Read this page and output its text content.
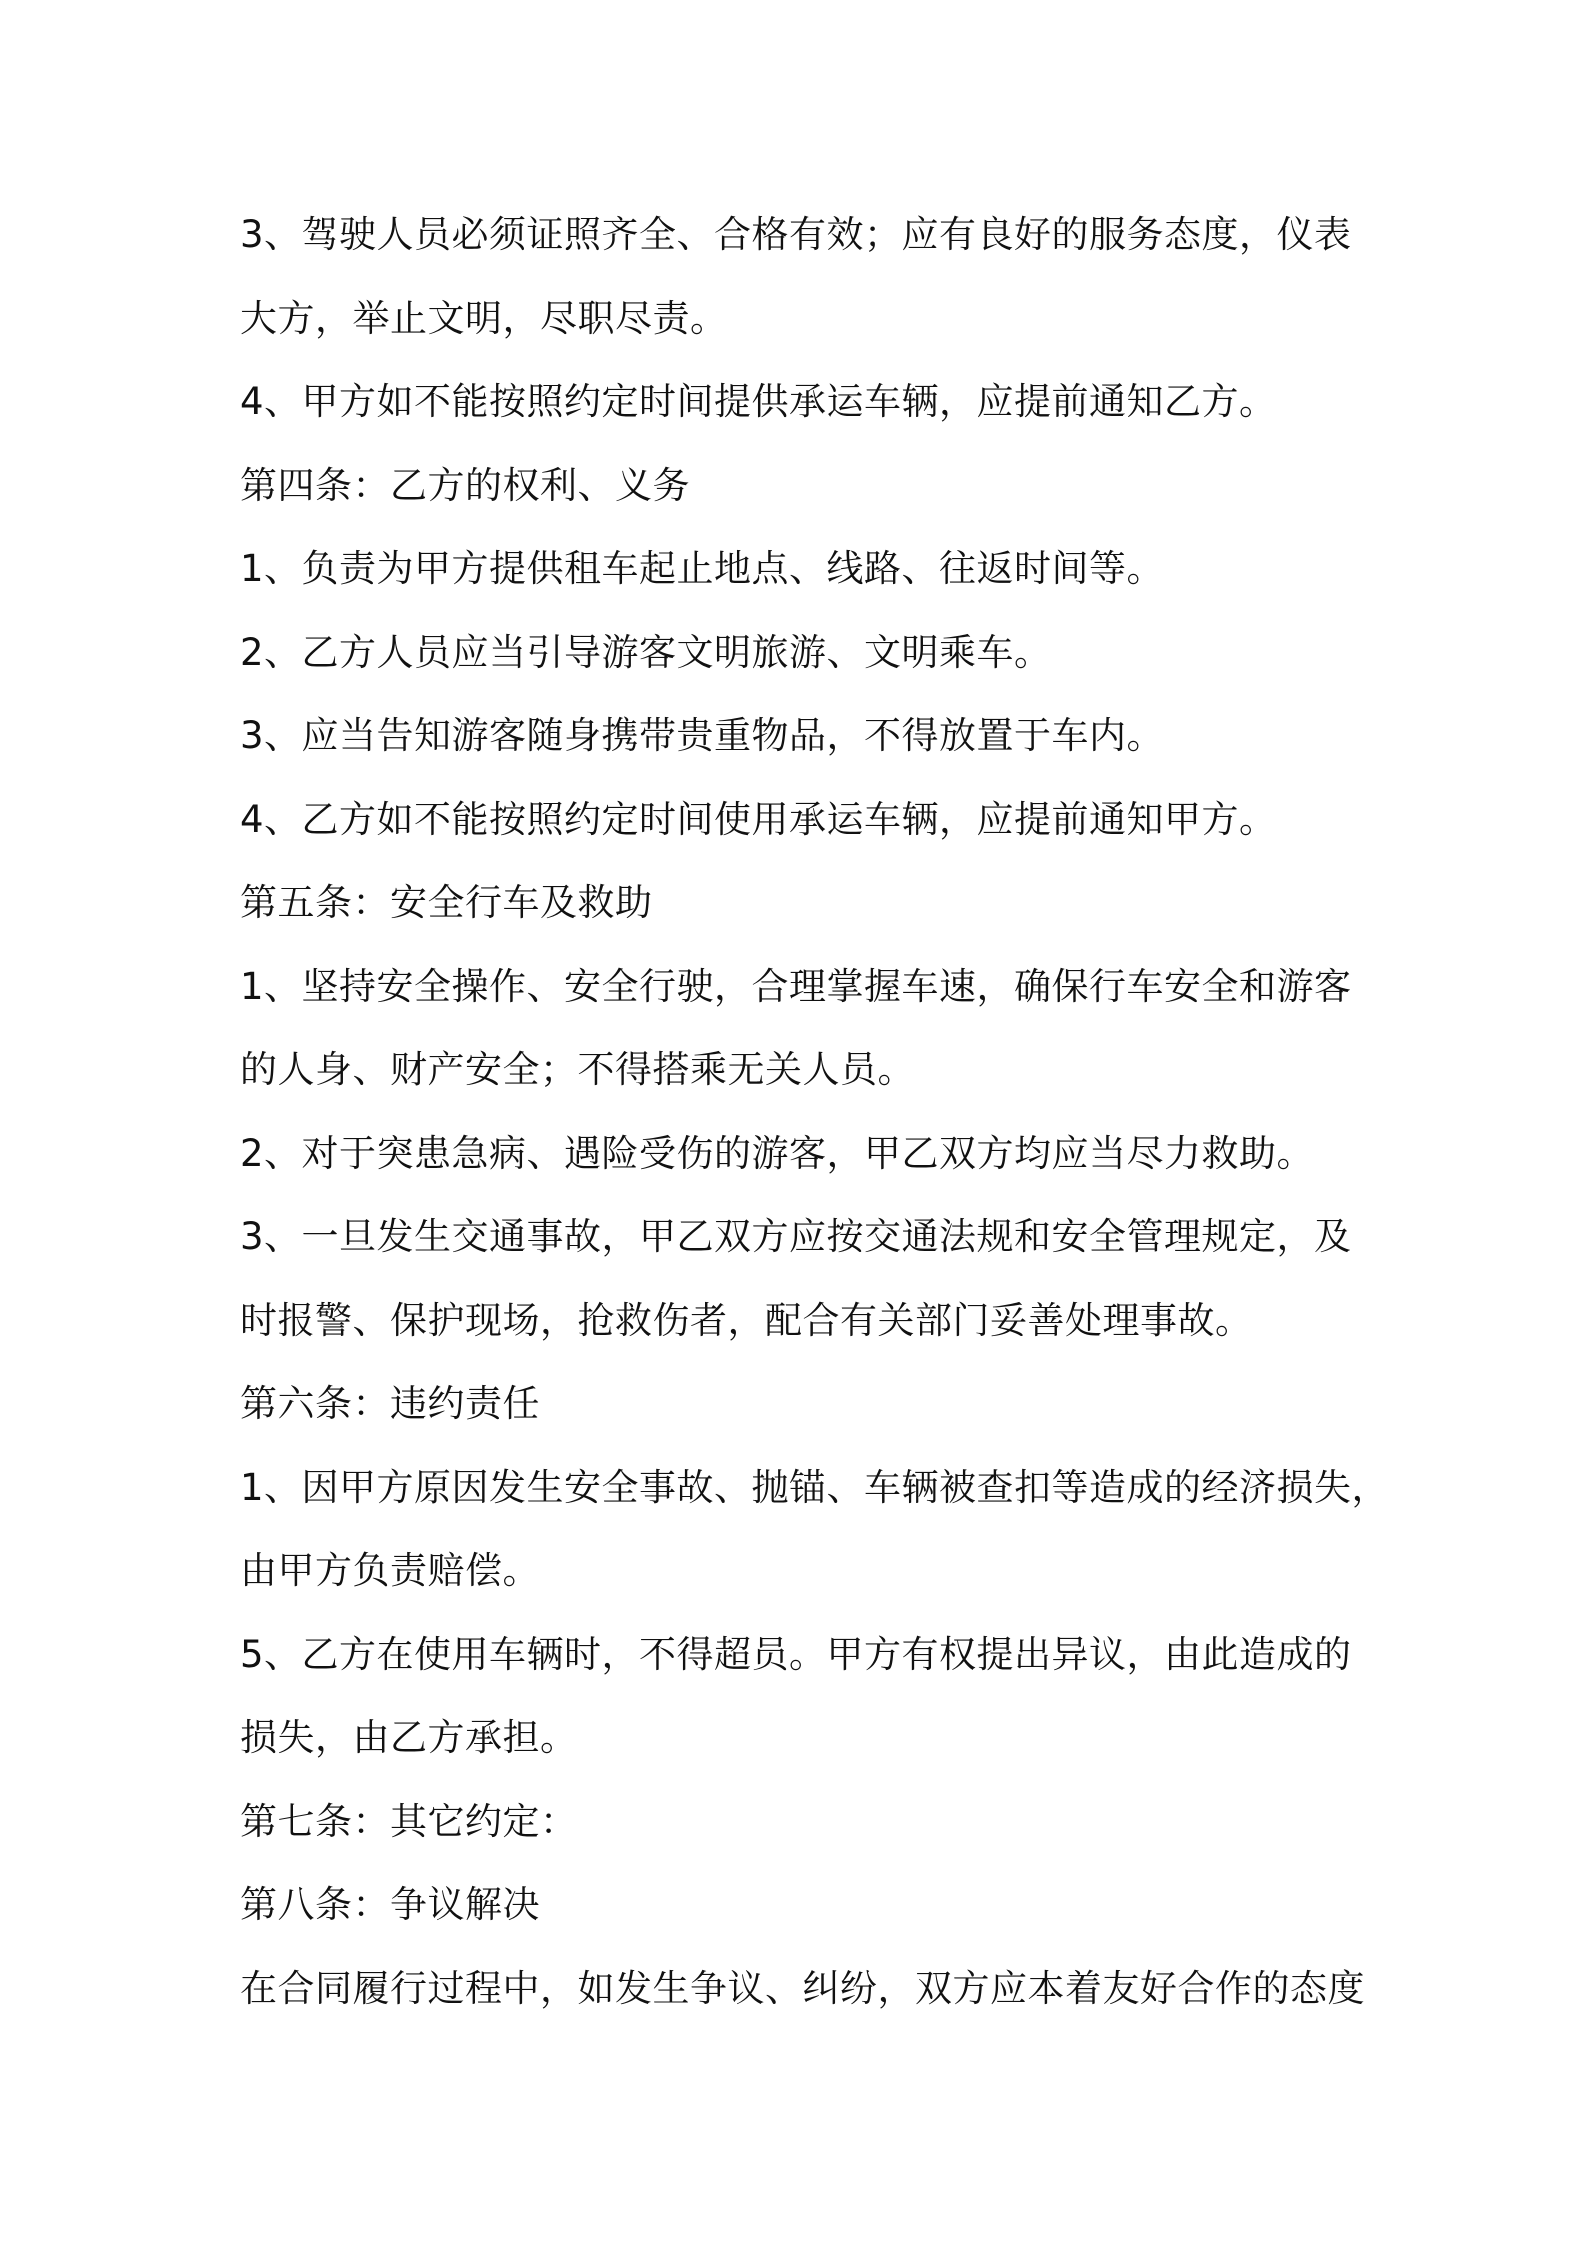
3、驾驶人员必须证照齐全、合格有效；应有良好的服务态度，仪表
大方，举止文明，尽职尽责。
4、甲方如不能按照约定时间提供承运车辆，应提前通知乙方。
第四条：乙方的权利、义务
1、负责为甲方提供租车起止地点、线路、往返时间等。
2、乙方人员应当引导游客文明旅游、文明乘车。
3、应当告知游客随身携带贵重物品，不得放置于车内。
4、乙方如不能按照约定时间使用承运车辆，应提前通知甲方。
第五条：安全行车及救助
1、坚持安全操作、安全行驶，合理掌握车速，确保行车安全和游客
的人身、财产安全；不得搭乘无关人员。
2、对于突患急病、遇险受伤的游客，甲乙双方均应当尽力救助。
3、一旦发生交通事故，甲乙双方应按交通法规和安全管理规定，及
时报警、保护现场，抢救伤者，配合有关部门妥善处理事故。
第六条：违约责任
1、因甲方原因发生安全事故、抛锚、车辆被查扣等造成的经济损失，
由甲方负责赔偿。
5、乙方在使用车辆时，不得超员。甲方有权提出异议，由此造成的
损失，由乙方承担。
第七条：其它约定：
第八条：争议解决
在合同履行过程中，如发生争议、纠纷，双方应本着友好合作的态度
